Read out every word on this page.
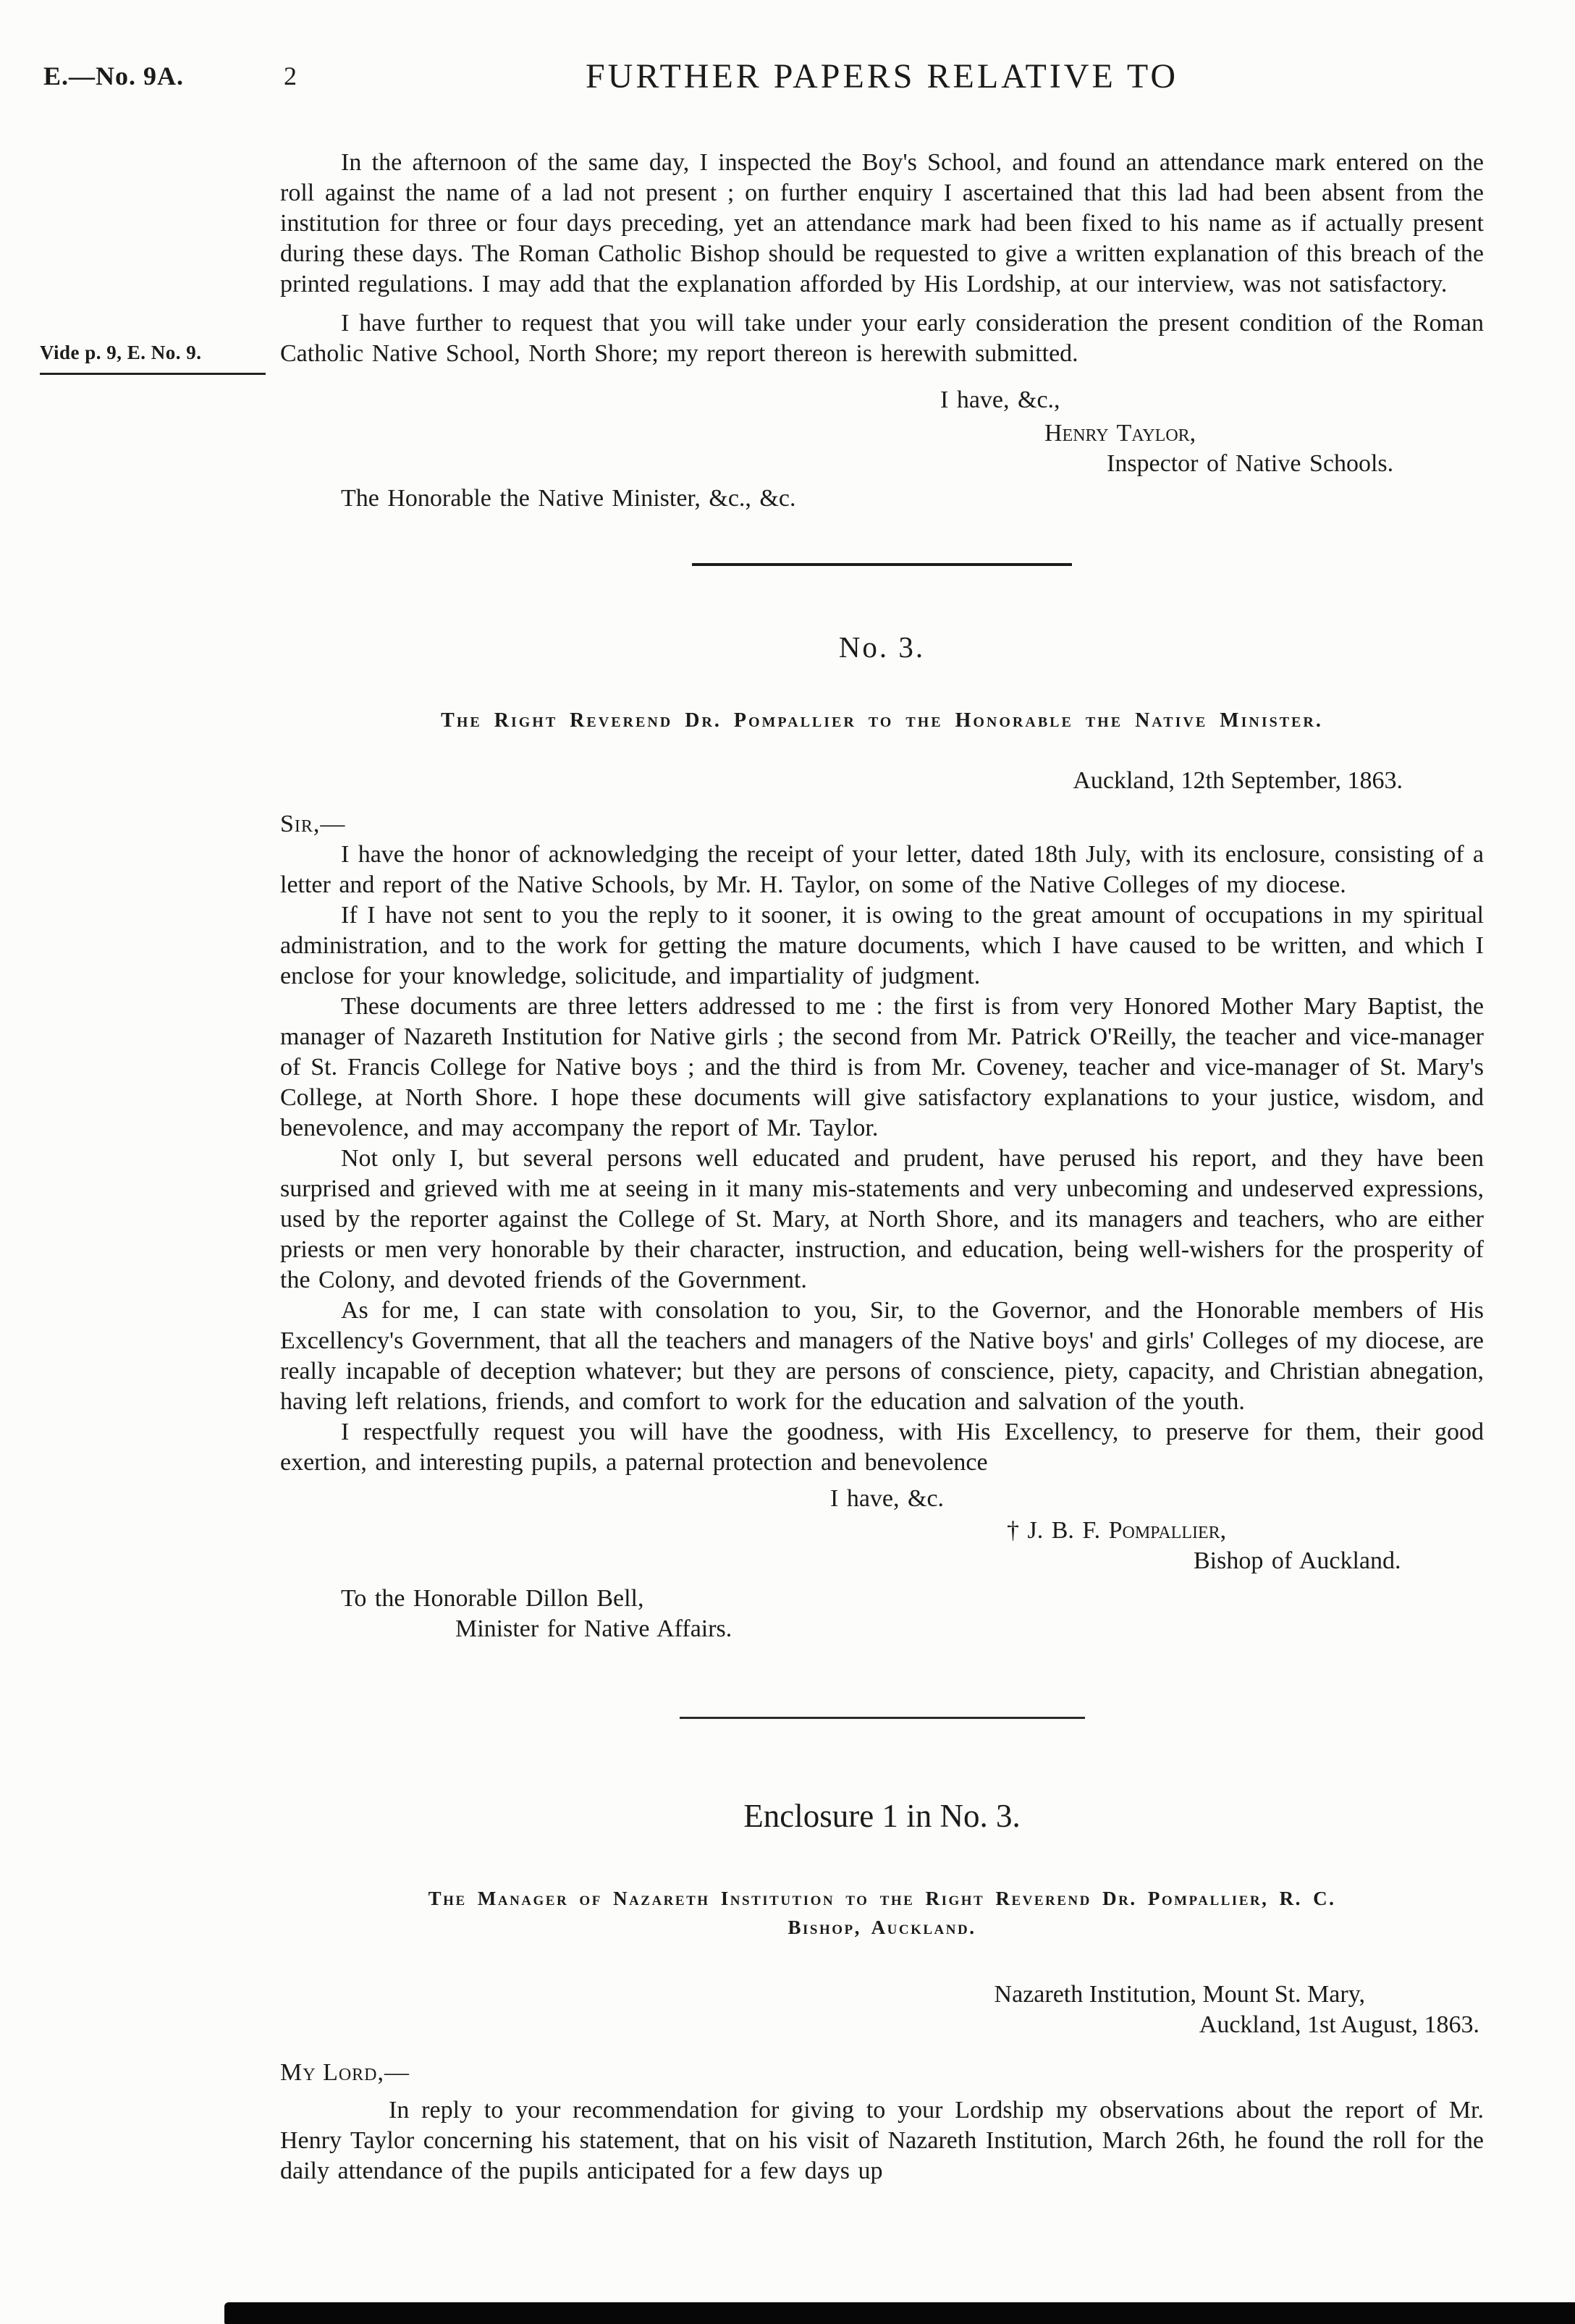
E.—No. 9A.	2	FURTHER PAPERS RELATIVE TO
Vide p. 9, E. No. 9.

In the afternoon of the same day, I inspected the Boy's School, and found an attendance mark entered on the roll against the name of a lad not present ; on further enquiry I ascertained that this lad had been absent from the institution for three or four days preceding, yet an attendance mark had been fixed to his name as if actually present during these days. The Roman Catholic Bishop should be requested to give a written explanation of this breach of the printed regulations. I may add that the explanation afforded by His Lordship, at our interview, was not satisfactory.

I have further to request that you will take under your early consideration the present condition of the Roman Catholic Native School, North Shore; my report thereon is herewith submitted.

I have, &c.,
Henry Taylor,
Inspector of Native Schools.
The Honorable the Native Minister, &c., &c.
No. 3.
The Right Reverend Dr. Pompallier to the Honorable the Native Minister.
Auckland, 12th September, 1863.
Sir,—

I have the honor of acknowledging the receipt of your letter, dated 18th July, with its enclosure, consisting of a letter and report of the Native Schools, by Mr. H. Taylor, on some of the Native Colleges of my diocese.

If I have not sent to you the reply to it sooner, it is owing to the great amount of occupations in my spiritual administration, and to the work for getting the mature documents, which I have caused to be written, and which I enclose for your knowledge, solicitude, and impartiality of judgment.

These documents are three letters addressed to me : the first is from very Honored Mother Mary Baptist, the manager of Nazareth Institution for Native girls ; the second from Mr. Patrick O'Reilly, the teacher and vice-manager of St. Francis College for Native boys ; and the third is from Mr. Coveney, teacher and vice-manager of St. Mary's College, at North Shore. I hope these documents will give satisfactory explanations to your justice, wisdom, and benevolence, and may accompany the report of Mr. Taylor.

Not only I, but several persons well educated and prudent, have perused his report, and they have been surprised and grieved with me at seeing in it many mis-statements and very unbecoming and undeserved expressions, used by the reporter against the College of St. Mary, at North Shore, and its managers and teachers, who are either priests or men very honorable by their character, instruction, and education, being well-wishers for the prosperity of the Colony, and devoted friends of the Government.

As for me, I can state with consolation to you, Sir, to the Governor, and the Honorable members of His Excellency's Government, that all the teachers and managers of the Native boys' and girls' Colleges of my diocese, are really incapable of deception whatever; but they are persons of conscience, piety, capacity, and Christian abnegation, having left relations, friends, and comfort to work for the education and salvation of the youth.

I respectfully request you will have the goodness, with His Excellency, to preserve for them, their good exertion, and interesting pupils, a paternal protection and benevolence

I have, &c.
† J. B. F. Pompallier,
Bishop of Auckland.
To the Honorable Dillon Bell,
Minister for Native Affairs.
Enclosure 1 in No. 3.
The Manager of Nazareth Institution to the Right Reverend Dr. Pompallier, R. C.
Bishop, Auckland.
Nazareth Institution, Mount St. Mary,
Auckland, 1st August, 1863.
My Lord,—

In reply to your recommendation for giving to your Lordship my observations about the report of Mr. Henry Taylor concerning his statement, that on his visit of Nazareth Institution, March 26th, he found the roll for the daily attendance of the pupils anticipated for a few days up
